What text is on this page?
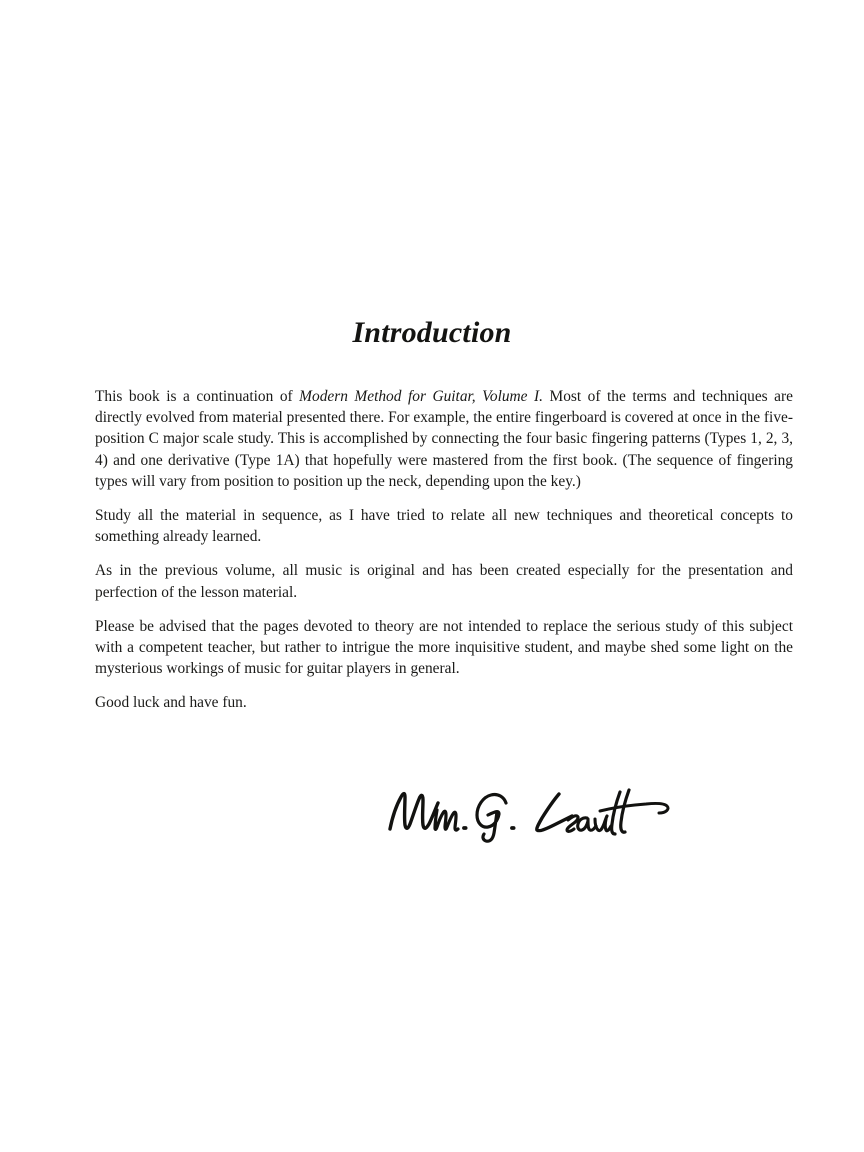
Introduction

This book is a continuation of Modern Method for Guitar, Volume I. Most of the terms and techniques are directly evolved from material presented there. For example, the entire fingerboard is covered at once in the five-position C major scale study. This is accomplished by connecting the four basic fingering patterns (Types 1, 2, 3, 4) and one derivative (Type 1A) that hopefully were mastered from the first book. (The sequence of fingering types will vary from position to position up the neck, depending upon the key.)

Study all the material in sequence, as I have tried to relate all new techniques and theoretical concepts to something already learned.

As in the previous volume, all music is original and has been created especially for the presentation and perfection of the lesson material.

Please be advised that the pages devoted to theory are not intended to replace the serious study of this subject with a competent teacher, but rather to intrigue the more inquisitive student, and maybe shed some light on the mysterious workings of music for guitar players in general.

Good luck and have fun.
